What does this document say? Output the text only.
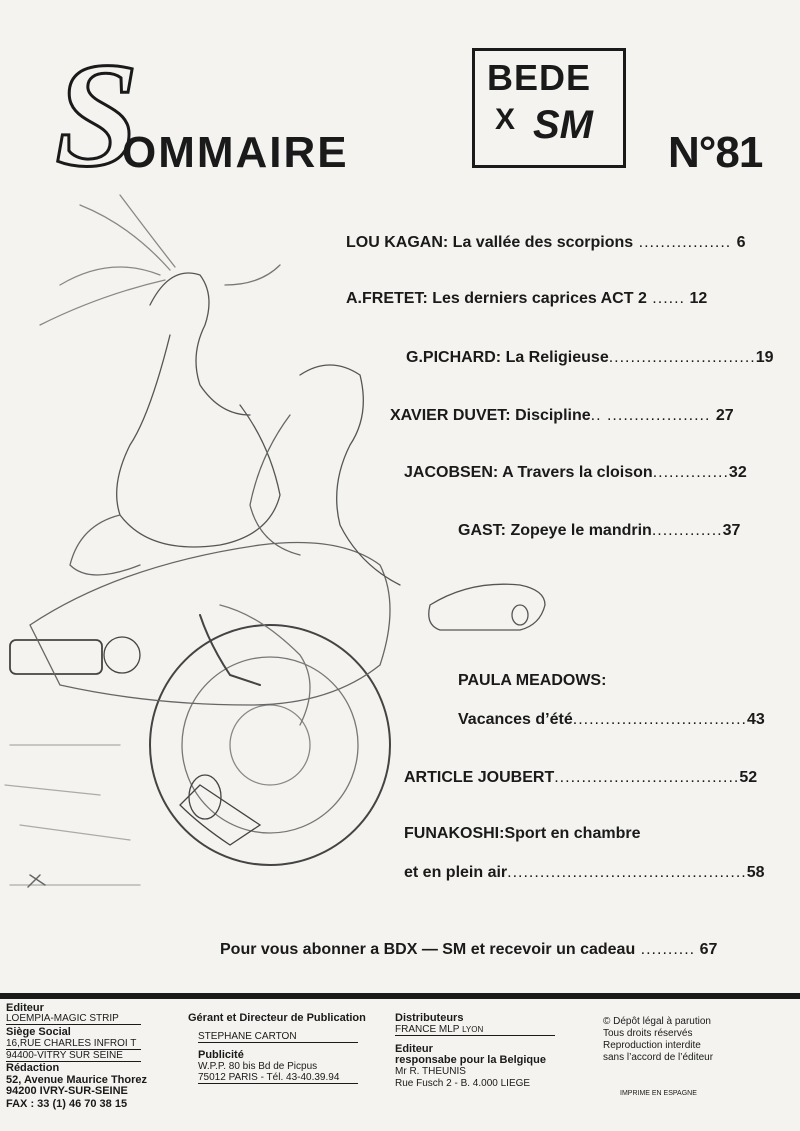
S
OMMAIRE
BEDE
X SM
N°81
LOU KAGAN: La vallée des scorpions ................. 6
A.FRETET: Les derniers caprices ACT 2 ...... 12
G.PICHARD: La Religieuse...........................19
XAVIER DUVET: Discipline.. ................... 27
JACOBSEN: A Travers la cloison..............32
GAST: Zopeye le mandrin.............37
PAULA MEADOWS:
Vacances d’été................................43
ARTICLE JOUBERT..................................52
FUNAKOSHI:Sport en chambre
et en plein air............................................58
Pour vous abonner a BDX — SM et recevoir un cadeau .......... 67
Editeur
LOEMPIA-MAGIC STRIP
Siège Social
16,RUE CHARLES INFROI T
94400-VITRY SUR SEINE
Rédaction
52, Avenue Maurice Thorez
94200 IVRY-SUR-SEINE
FAX : 33 (1) 46 70 38 15
Gérant et Directeur de Publication
STEPHANE CARTON
Publicité
W.P.P. 80 bis Bd de Picpus
75012 PARIS - Tél. 43-40.39.94
Distributeurs
FRANCE MLP LYON
Editeur
responsabe pour la Belgique
Mr R. THEUNIS
Rue Fusch 2 - B. 4.000 LIEGE
© Dépôt légal à parution
Tous droits réservés
Reproduction interdite
sans l’accord de l’éditeur
IMPRIME EN ESPAGNE
